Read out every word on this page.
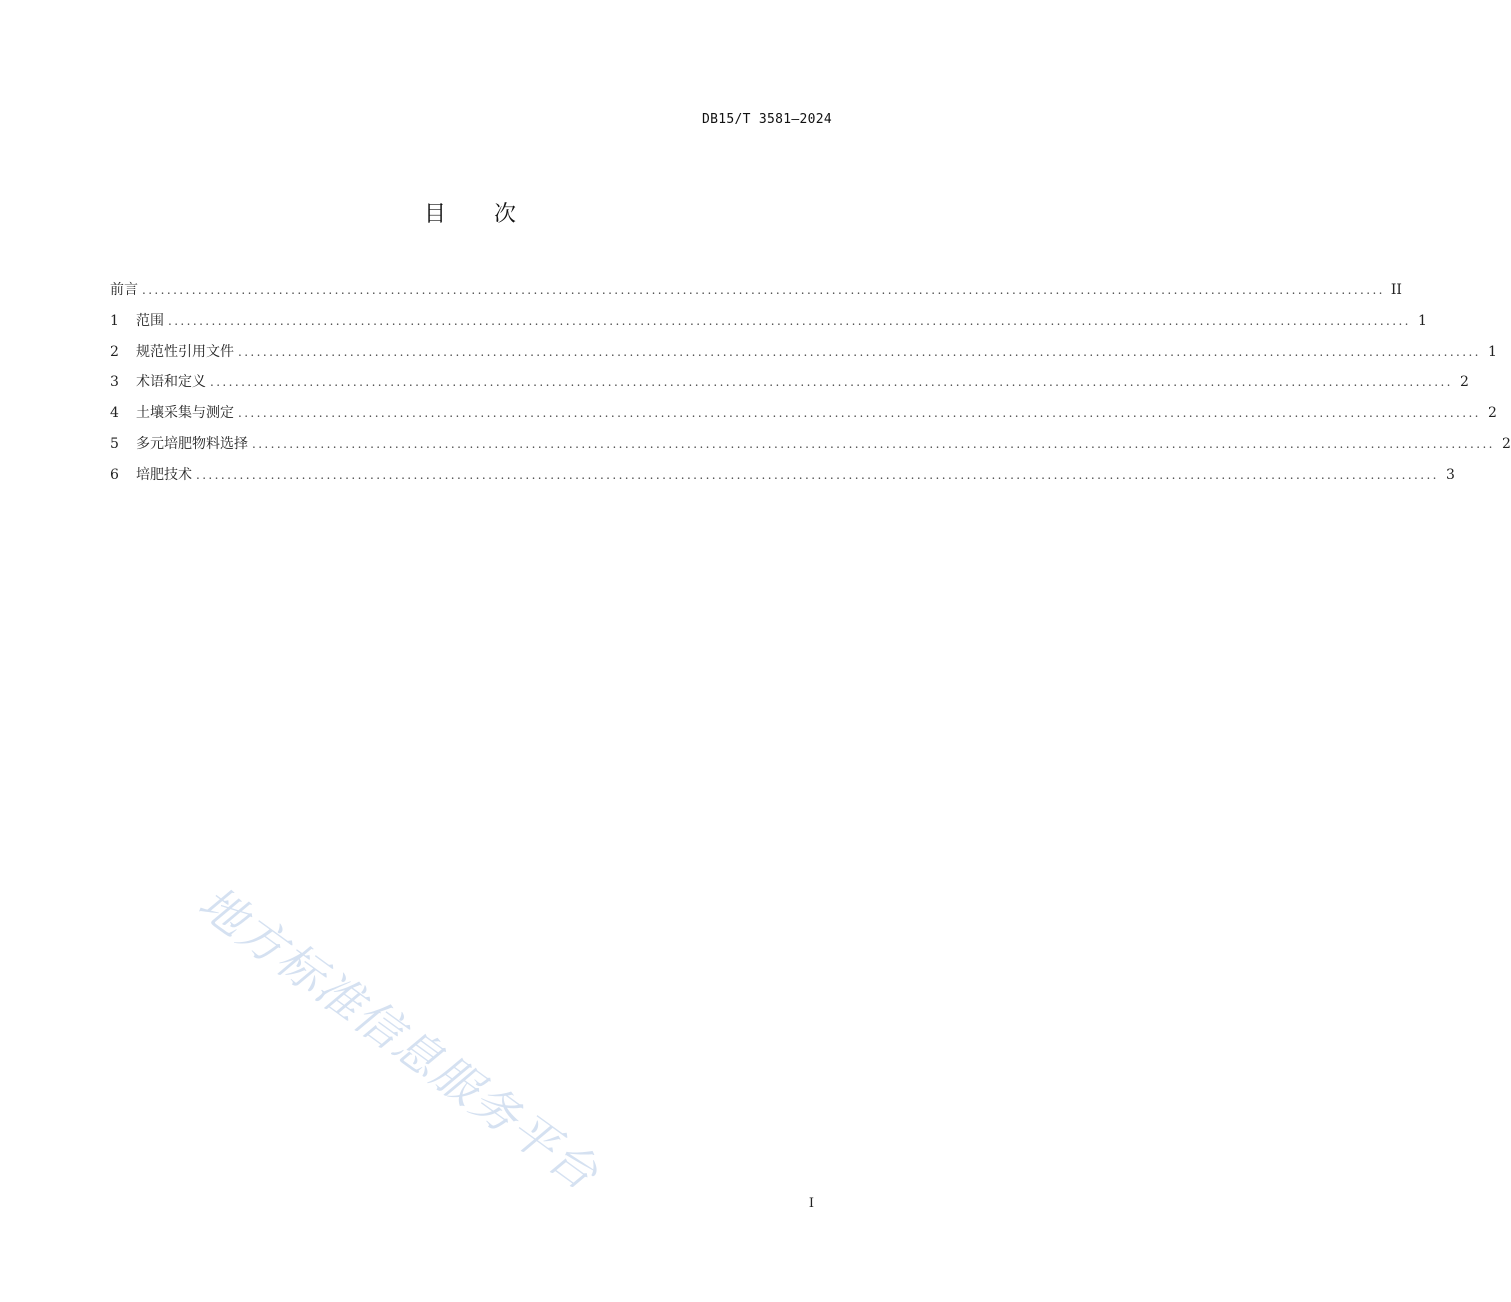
DB15/T 3581—2024
目 次
前言 ........................................................................................................................................................................................................ II
1	范围 ........................................................................................................................................................................................................ 1
2	规范性引用文件 ........................................................................................................................................................................................................ 1
3	术语和定义 ........................................................................................................................................................................................................ 2
4	土壤采集与测定 ........................................................................................................................................................................................................ 2
5	多元培肥物料选择 ........................................................................................................................................................................................................ 2
6	培肥技术 ........................................................................................................................................................................................................ 3
地方标准信息服务平台
I
